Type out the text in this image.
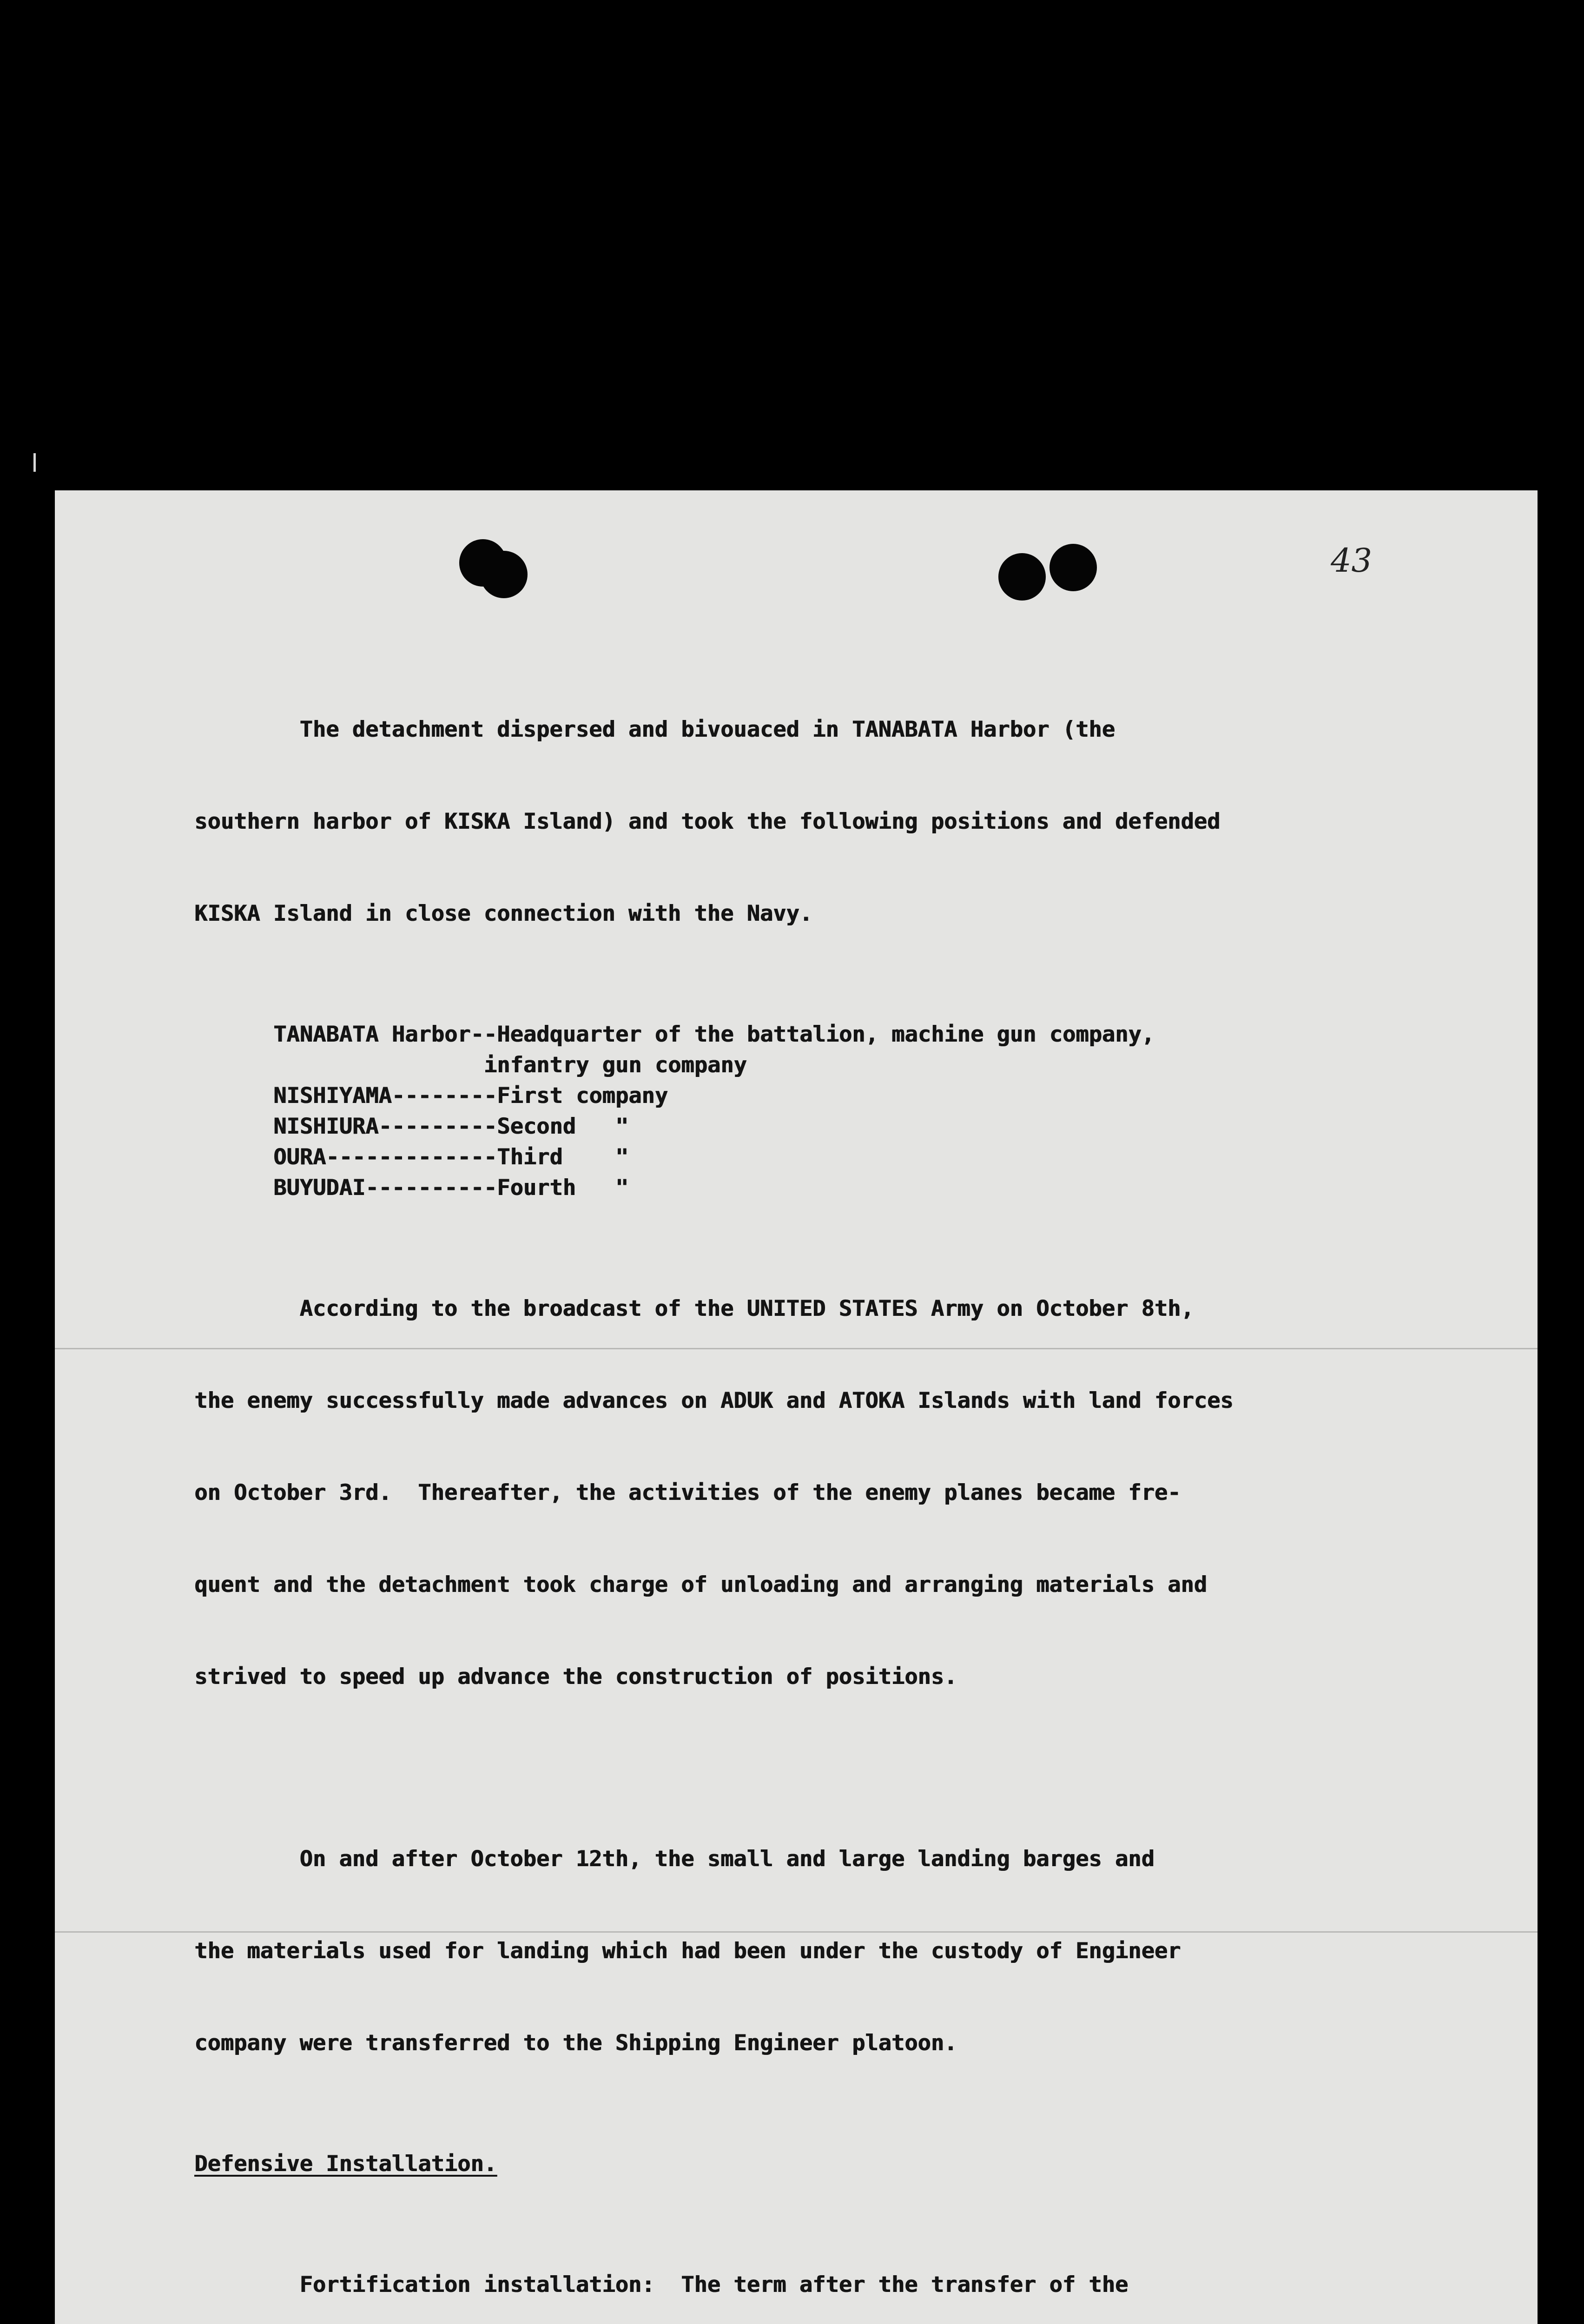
43

The detachment dispersed and bivouaced in TANABATA Harbor (the

southern harbor of KISKA Island) and took the following positions and defended

KISKA Island in close connection with the Navy.

TANABATA Harbor--Headquarter of the battalion, machine gun company,
infantry gun company
NISHIYAMA--------First company
NISHIURA---------Second   "
OURA-------------Third    "
BUYUDAI----------Fourth   "

According to the broadcast of the UNITED STATES Army on October 8th,

the enemy successfully made advances on ADUK and ATOKA Islands with land forces

on October 3rd.  Thereafter, the activities of the enemy planes became fre-

quent and the detachment took charge of unloading and arranging materials and

strived to speed up advance the construction of positions.

On and after October 12th, the small and large landing barges and

the materials used for landing which had been under the custody of Engineer

company were transferred to the Shipping Engineer platoon.

Defensive Installation.

Fortification installation:  The term after the transfer of the
